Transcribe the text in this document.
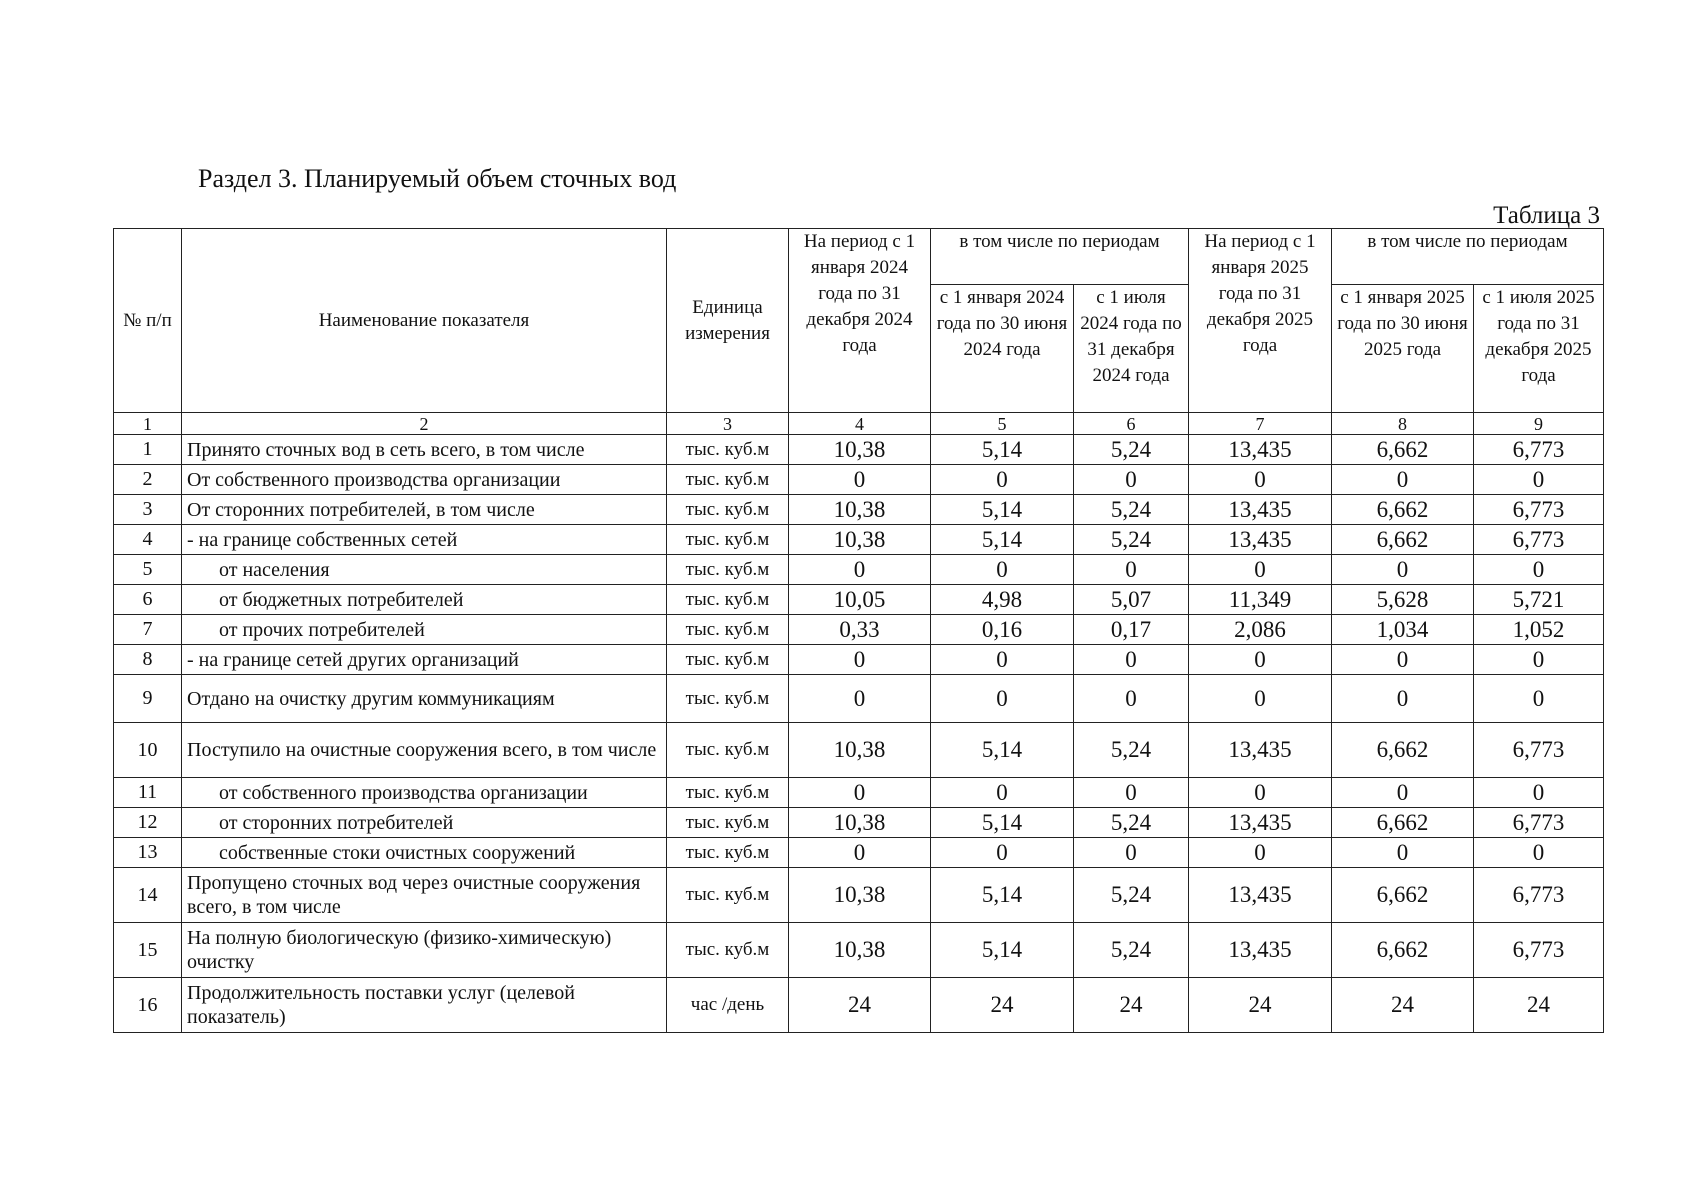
Раздел 3. Планируемый объем сточных вод
Таблица 3
№ п/п	Наименование показателя	Единица измерения	На период с 1 января 2024 года по 31 декабря 2024 года	в том числе по периодам		На период с 1 января 2025 года по 31 декабря 2025 года	в том числе по периодам	
				с 1 января 2024 года по 30 июня 2024 года	с 1 июля 2024 года по 31 декабря 2024 года		с 1 января 2025 года по 30 июня 2025 года	с 1 июля 2025 года по 31 декабря 2025 года
1	2	3	4	5	6	7	8	9
1	Принято сточных вод в сеть всего, в том числе	тыс. куб.м	10,38	5,14	5,24	13,435	6,662	6,773
2	От собственного производства организации	тыс. куб.м	0	0	0	0	0	0
3	От сторонних потребителей, в том числе	тыс. куб.м	10,38	5,14	5,24	13,435	6,662	6,773
4	- на границе собственных сетей	тыс. куб.м	10,38	5,14	5,24	13,435	6,662	6,773
5	от населения	тыс. куб.м	0	0	0	0	0	0
6	от бюджетных потребителей	тыс. куб.м	10,05	4,98	5,07	11,349	5,628	5,721
7	от прочих потребителей	тыс. куб.м	0,33	0,16	0,17	2,086	1,034	1,052
8	- на границе сетей других организаций	тыс. куб.м	0	0	0	0	0	0
9	Отдано на очистку другим коммуникациям	тыс. куб.м	0	0	0	0	0	0
10	Поступило на очистные сооружения всего, в том числе	тыс. куб.м	10,38	5,14	5,24	13,435	6,662	6,773
11	от собственного производства организации	тыс. куб.м	0	0	0	0	0	0
12	от сторонних потребителей	тыс. куб.м	10,38	5,14	5,24	13,435	6,662	6,773
13	собственные стоки очистных сооружений	тыс. куб.м	0	0	0	0	0	0
14	Пропущено сточных вод через очистные сооружения всего, в том числе	тыс. куб.м	10,38	5,14	5,24	13,435	6,662	6,773
15	На полную биологическую (физико-химическую) очистку	тыс. куб.м	10,38	5,14	5,24	13,435	6,662	6,773
16	Продолжительность поставки услуг (целевой показатель)	час /день	24	24	24	24	24	24
